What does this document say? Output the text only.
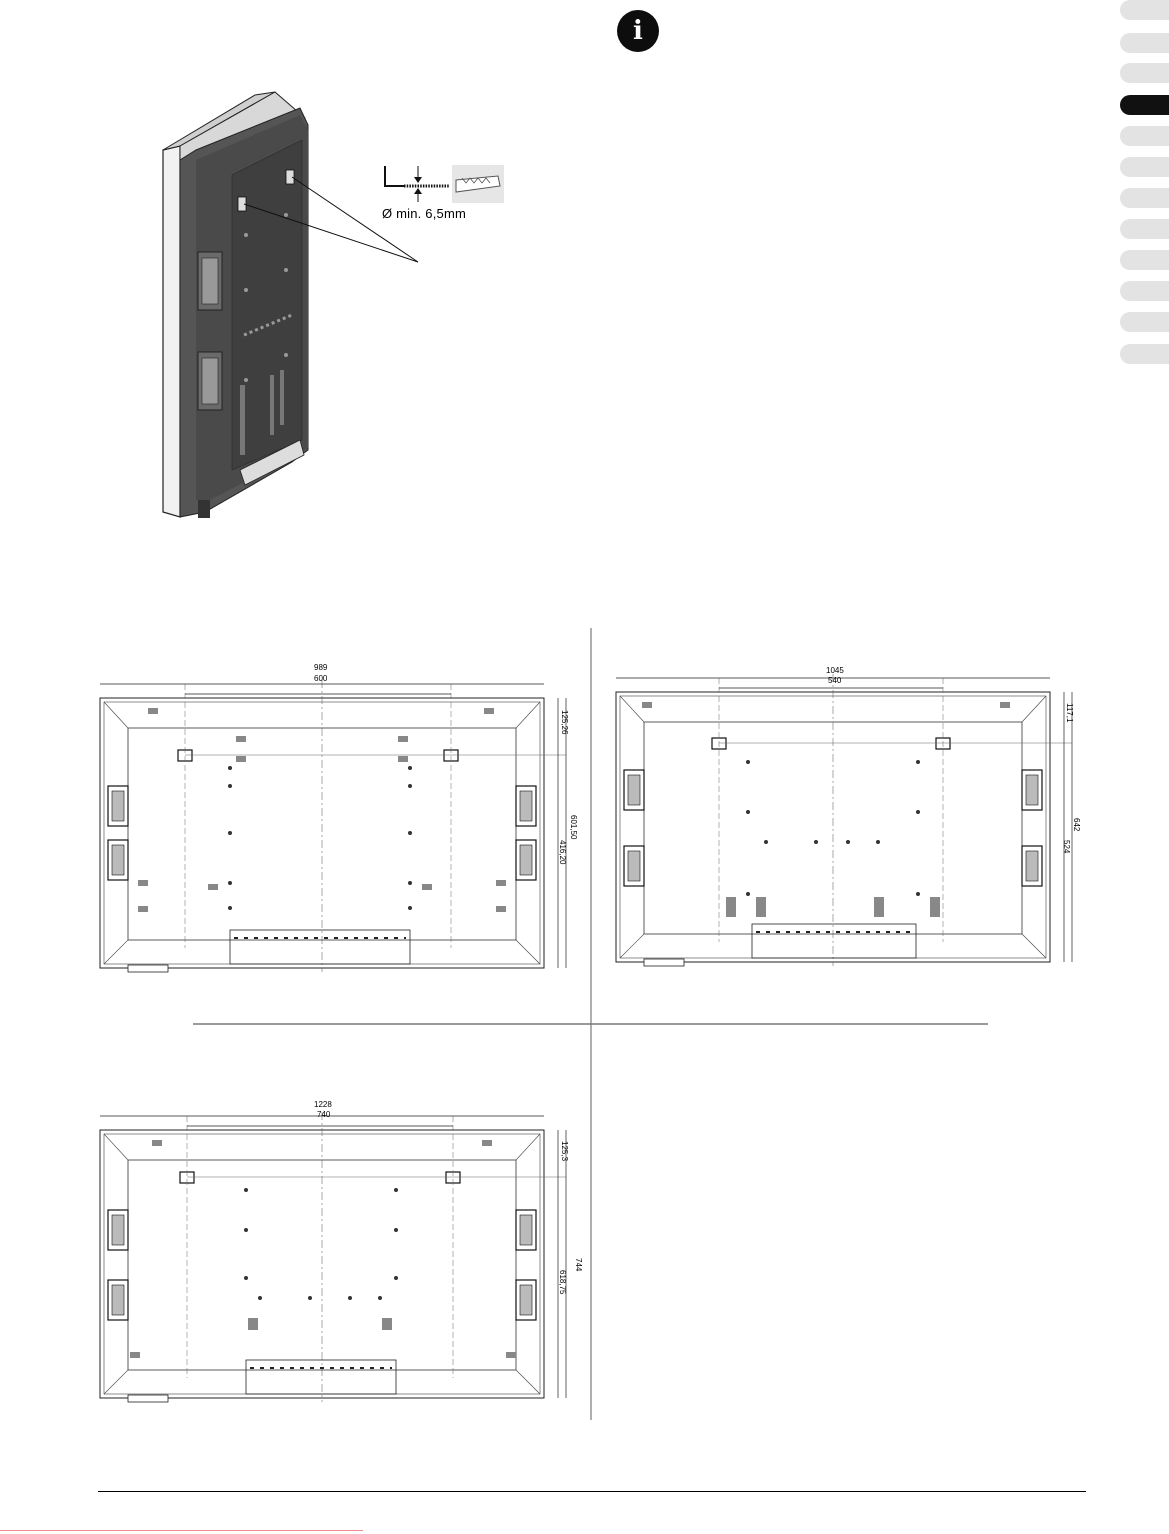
i
Ø min. 6,5mm
989
600
125,26
601,50
416,20
1045
540
117,1
642
524
1228
740
125,3
744
618,75
